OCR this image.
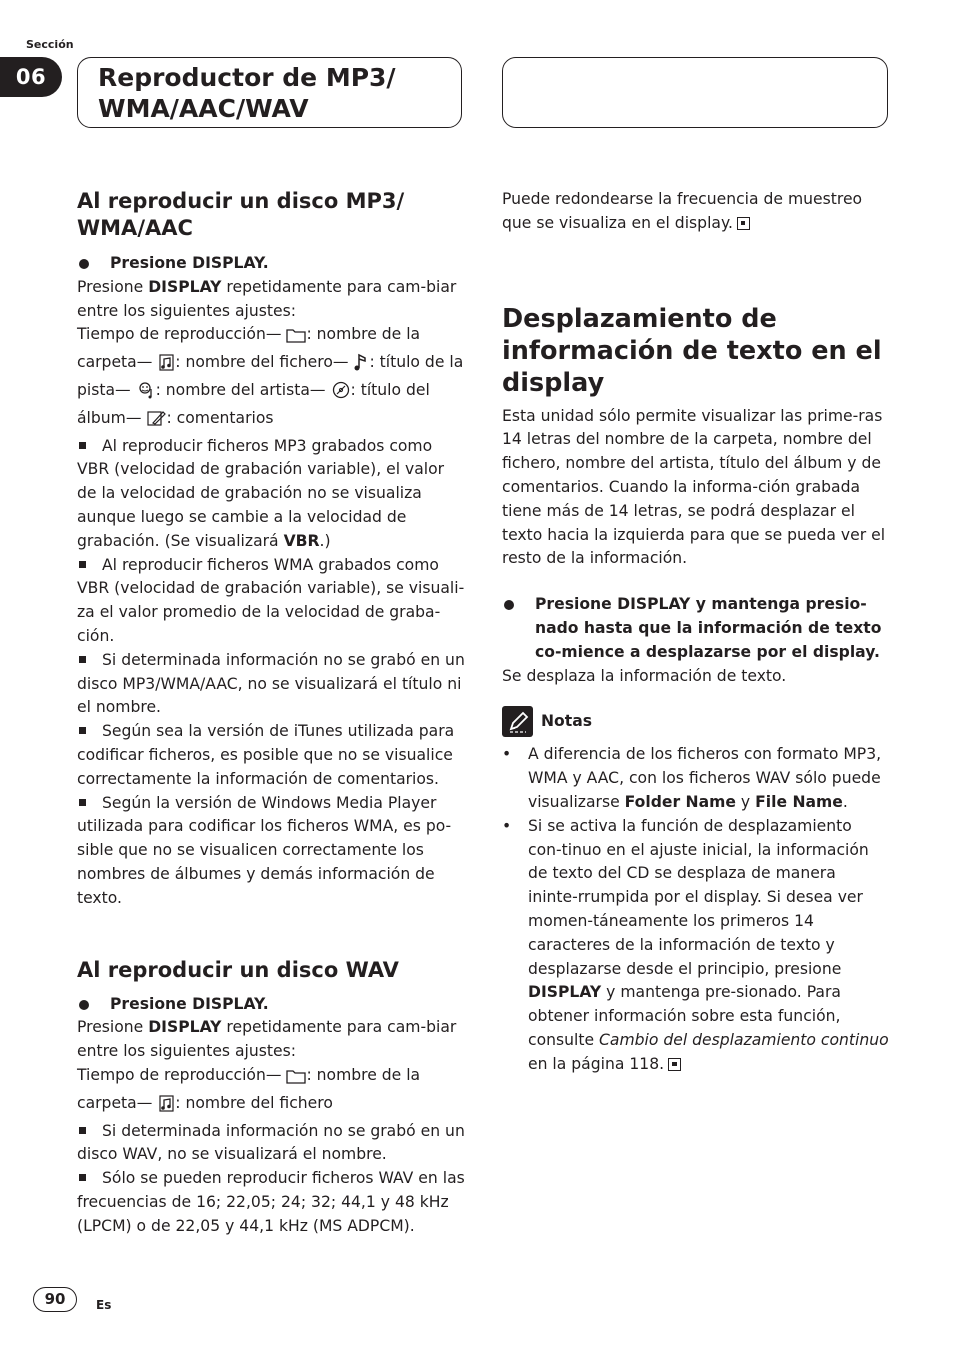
Sección
06	Reproductor de MP3/
WMA/AAC/WAV
Al reproducir un disco MP3/
WMA/AAC
Presione DISPLAY.

Presione DISPLAY repetidamente para cam-biar entre los siguientes ajustes:

Tiempo de reproducción— : nombre de la carpeta— : nombre del fichero— : título de la pista— : nombre del artista— : título del álbum— : comentarios

Al reproducir ficheros MP3 grabados como VBR (velocidad de grabación variable), el valor de la velocidad de grabación no se visualiza aunque luego se cambie a la velocidad de grabación. (Se visualizará VBR.)

Al reproducir ficheros WMA grabados como VBR (velocidad de grabación variable), se visuali-za el valor promedio de la velocidad de graba-ción.

Si determinada información no se grabó en un disco MP3/WMA/AAC, no se visualizará el título ni el nombre.

Según sea la versión de iTunes utilizada para codificar ficheros, es posible que no se visualice correctamente la información de comentarios.

Según la versión de Windows Media Player utilizada para codificar los ficheros WMA, es po-sible que no se visualicen correctamente los nombres de álbumes y demás información de texto.

Al reproducir un disco WAV
Presione DISPLAY.

Presione DISPLAY repetidamente para cam-biar entre los siguientes ajustes:

Tiempo de reproducción— : nombre de la carpeta— : nombre del fichero

Si determinada información no se grabó en un disco WAV, no se visualizará el nombre.

Sólo se pueden reproducir ficheros WAV en las frecuencias de 16; 22,05; 24; 32; 44,1 y 48 kHz (LPCM) o de 22,05 y 44,1 kHz (MS ADPCM).

Puede redondearse la frecuencia de muestreo que se visualiza en el display.

Desplazamiento de información de texto en el display

Esta unidad sólo permite visualizar las prime-ras 14 letras del nombre de la carpeta, nombre del fichero, nombre del artista, título del álbum y de comentarios. Cuando la informa-ción grabada tiene más de 14 letras, se podrá desplazar el texto hacia la izquierda para que se pueda ver el resto de la información.

Presione DISPLAY y mantenga presio-nado hasta que la información de texto co-mience a desplazarse por el display.

Se desplaza la información de texto.

Notas
• A diferencia de los ficheros con formato MP3, WMA y AAC, con los ficheros WAV sólo puede visualizarse Folder Name y File Name.
• Si se activa la función de desplazamiento con-tinuo en el ajuste inicial, la información de texto del CD se desplaza de manera ininte-rrumpida por el display. Si desea ver momen-táneamente los primeros 14 caracteres de la información de texto y desplazarse desde el principio, presione DISPLAY y mantenga pre-sionado. Para obtener información sobre esta función, consulte Cambio del desplazamiento continuo en la página 118.
90	Es
